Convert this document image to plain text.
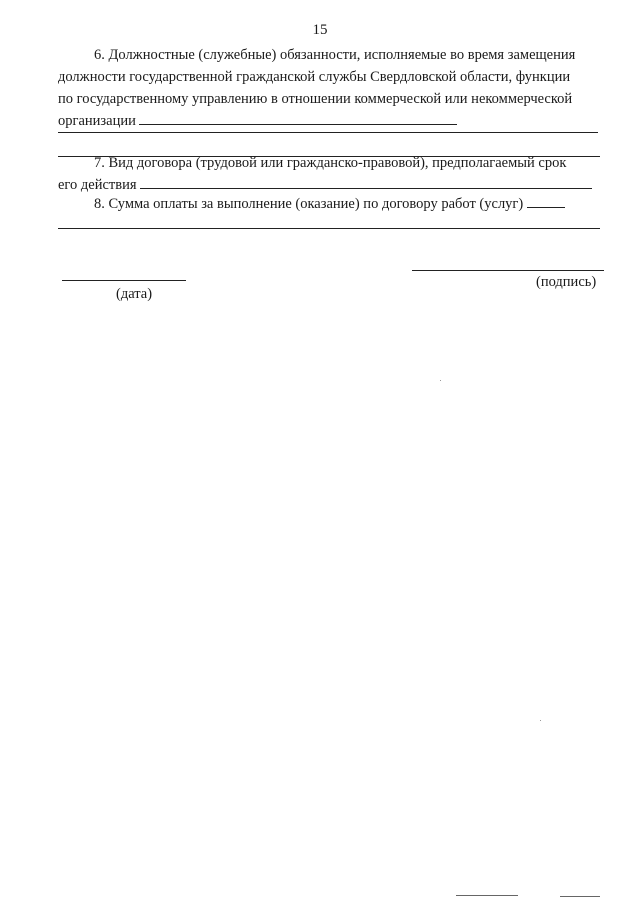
15
6. Должностные (служебные) обязанности, исполняемые во время замещения
должности государственной гражданской службы Свердловской области, функции
по государственному управлению в отношении коммерческой или некоммерческой
организации
7. Вид договора (трудовой или гражданско-правовой), предполагаемый срок
его действия
8. Сумма оплаты за выполнение (оказание) по договору работ (услуг)
(дата)
(подпись)
